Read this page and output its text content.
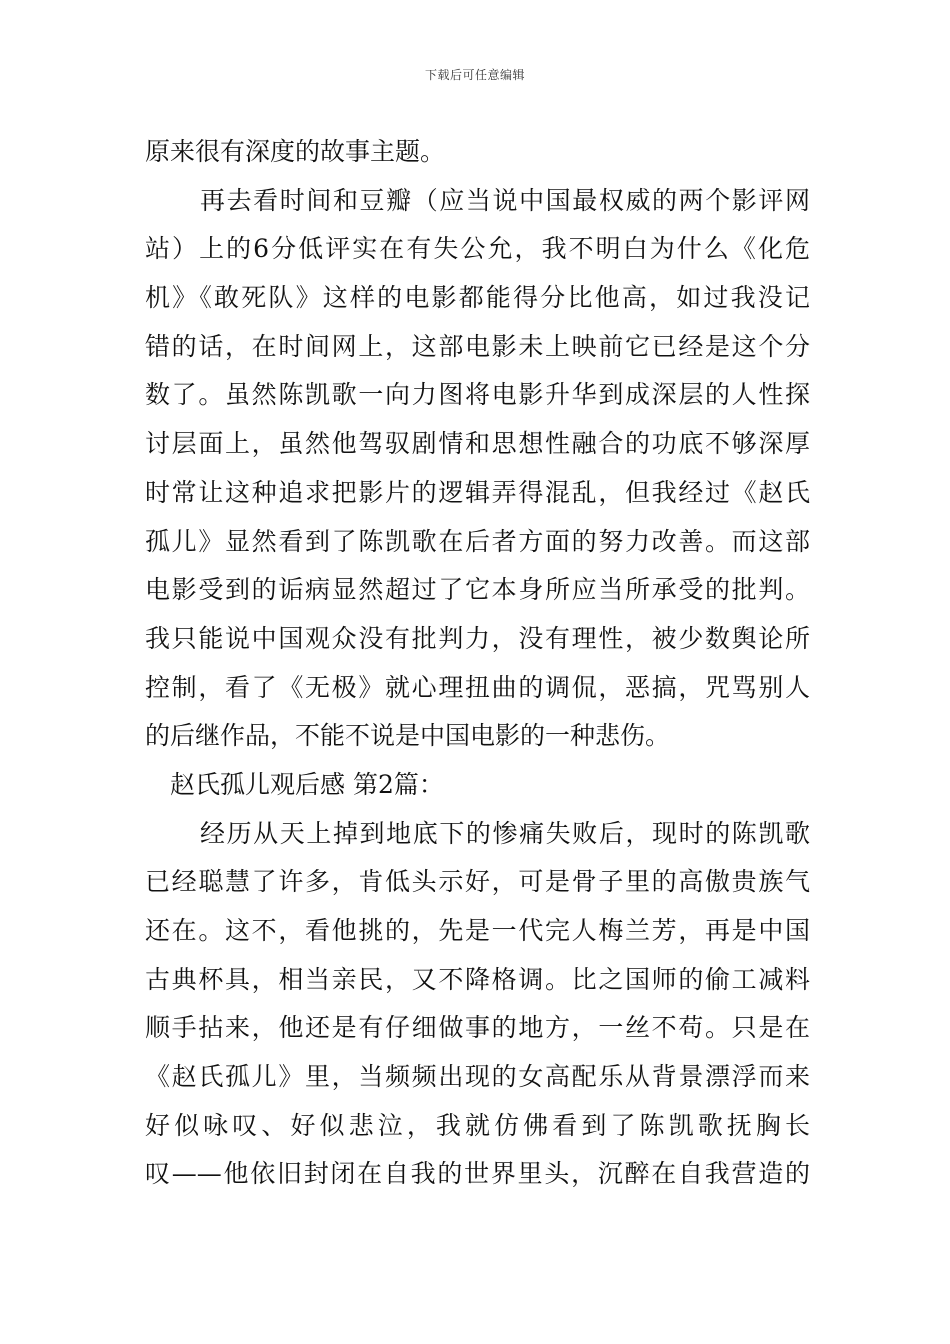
下载后可任意编辑
原来很有深度的故事主题。
再去看时间和豆瓣（应当说中国最权威的两个影评网
站）上的6分低评实在有失公允，我不明白为什么《化危
机》《敢死队》这样的电影都能得分比他高，如过我没记
错的话，在时间网上，这部电影未上映前它已经是这个分
数了。虽然陈凯歌一向力图将电影升华到成深层的人性探
讨层面上，虽然他驾驭剧情和思想性融合的功底不够深厚
时常让这种追求把影片的逻辑弄得混乱，但我经过《赵氏
孤儿》显然看到了陈凯歌在后者方面的努力改善。而这部
电影受到的诟病显然超过了它本身所应当所承受的批判。
我只能说中国观众没有批判力，没有理性，被少数舆论所
控制，看了《无极》就心理扭曲的调侃，恶搞，咒骂别人
的后继作品，不能不说是中国电影的一种悲伤。
赵氏孤儿观后感 第2篇：
经历从天上掉到地底下的惨痛失败后，现时的陈凯歌
已经聪慧了许多，肯低头示好，可是骨子里的高傲贵族气
还在。这不，看他挑的，先是一代完人梅兰芳，再是中国
古典杯具，相当亲民，又不降格调。比之国师的偷工减料
顺手拈来，他还是有仔细做事的地方，一丝不苟。只是在
《赵氏孤儿》里，当频频出现的女高配乐从背景漂浮而来
好似咏叹、好似悲泣，我就仿佛看到了陈凯歌抚胸长
叹——他依旧封闭在自我的世界里头，沉醉在自我营造的
